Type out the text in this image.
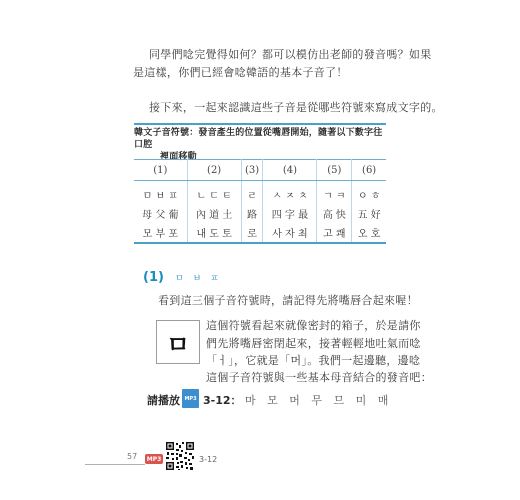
同學們唸完覺得如何？都可以模仿出老師的發音嗎？如果
是這樣，你們已經會唸韓語的基本子音了！
接下來，一起來認識這些子音是從哪些符號來寫成文字的。
韓文子音符號：發音產生的位置從嘴唇開始，隨著以下數字往口腔
裡面移動
(1)	(2)	(3)	(4)	(5)	(6)
ㅁ ㅂ ㅍ	ㄴ ㄷ ㅌ	ㄹ	ㅅ ㅈ ㅊ	ㄱ ㅋ	ㅇ ㅎ
母 父 葡	內 道 土	路	四 字 最	高 快	五 好
모 부 포	내 도 토	로	사 자 최	고 쾌	오 호
(1) ㅁ ㅂ ㅍ
看到這三個子音符號時，請記得先將嘴唇合起來喔！
ㅁ
這個符號看起來就像密封的箱子，於是請你
們先將嘴唇密閉起來，接著輕輕地吐氣而唸
「ㅓ」，它就是「머」。我們一起邊聽，邊唸
這個子音符號與一些基本母音結合的發音吧：
請播放 MP3 3-12： 마 모 머 무 므 미 매
57 MP3	3-12
